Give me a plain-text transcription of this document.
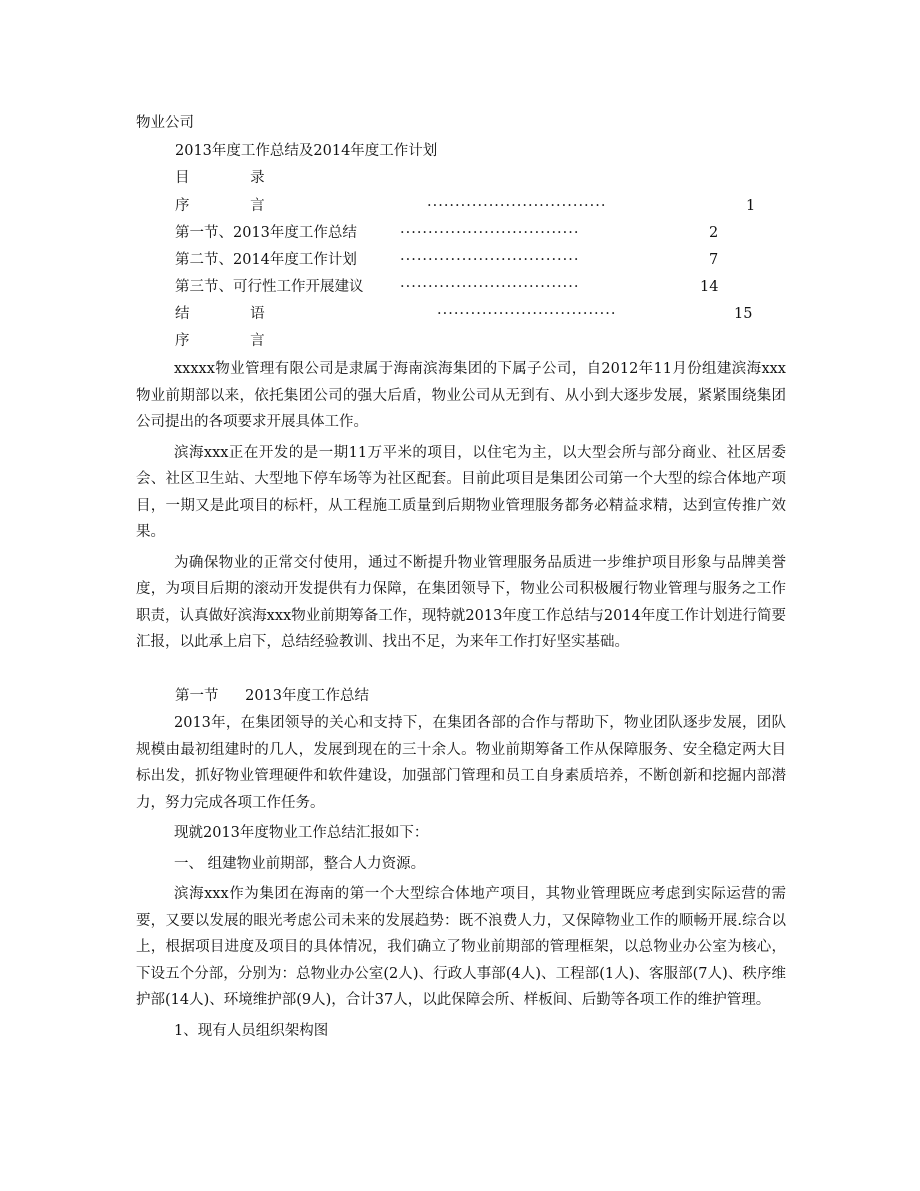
物业公司
2013年度工作总结及2014年度工作计划
目 录
序 言	································	1
第一节、2013年度工作总结	································	2
第二节、2014年度工作计划	································	7
第三节、可行性工作开展建议	································	14
结 语	································	15
序 言

xxxxx物业管理有限公司是隶属于海南滨海集团的下属子公司，自2012年11月份组建滨海xxx物业前期部以来，依托集团公司的强大后盾，物业公司从无到有、从小到大逐步发展，紧紧围绕集团公司提出的各项要求开展具体工作。

滨海xxx正在开发的是一期11万平米的项目，以住宅为主，以大型会所与部分商业、社区居委会、社区卫生站、大型地下停车场等为社区配套。目前此项目是集团公司第一个大型的综合体地产项目，一期又是此项目的标杆，从工程施工质量到后期物业管理服务都务必精益求精，达到宣传推广效果。

为确保物业的正常交付使用，通过不断提升物业管理服务品质进一步维护项目形象与品牌美誉度，为项目后期的滚动开发提供有力保障，在集团领导下，物业公司积极履行物业管理与服务之工作职责，认真做好滨海xxx物业前期筹备工作，现特就2013年度工作总结与2014年度工作计划进行简要汇报，以此承上启下，总结经验教训、找出不足，为来年工作打好坚实基础。

第一节 2013年度工作总结

2013年，在集团领导的关心和支持下，在集团各部的合作与帮助下，物业团队逐步发展，团队规模由最初组建时的几人，发展到现在的三十余人。物业前期筹备工作从保障服务、安全稳定两大目标出发，抓好物业管理硬件和软件建设，加强部门管理和员工自身素质培养，不断创新和挖掘内部潜力，努力完成各项工作任务。

现就2013年度物业工作总结汇报如下：

一、 组建物业前期部，整合人力资源。

滨海xxx作为集团在海南的第一个大型综合体地产项目，其物业管理既应考虑到实际运营的需要，又要以发展的眼光考虑公司未来的发展趋势：既不浪费人力，又保障物业工作的顺畅开展.综合以上，根据项目进度及项目的具体情况，我们确立了物业前期部的管理框架，以总物业办公室为核心，下设五个分部，分别为：总物业办公室(2人)、行政人事部(4人)、工程部(1人)、客服部(7人)、秩序维护部(14人)、环境维护部(9人)，合计37人，以此保障会所、样板间、后勤等各项工作的维护管理。

1、现有人员组织架构图
